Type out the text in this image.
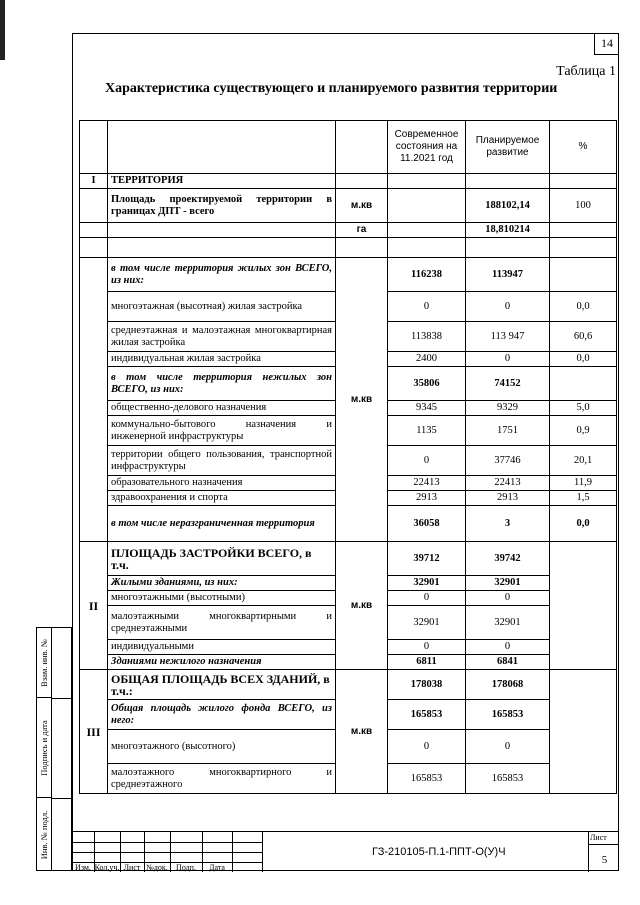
14
Таблица 1
Характеристика существующего и планируемого развития территории
			Современное состояния на 11.2021 год	Планируемое развитие	%
I	ТЕРРИТОРИЯ				
	Площадь проектируемой территории в границах ДПТ - всего	м.кв		188102,14	100
		га		18,810214	

	в том числе территория жилых зон ВСЕГО, из них:	м.кв	116238	113947	
	многоэтажная (высотная) жилая застройка		0	0	0,0
	среднеэтажная и малоэтажная многоквартирная жилая застройка		113838	113 947	60,6
	индивидуальная жилая застройка		2400	0	0,0
	в том числе территория нежилых зон ВСЕГО, из них:		35806	74152	
	общественно-делового назначения		9345	9329	5,0
	коммунально-бытового назначения и инженерной инфраструктуры		1135	1751	0,9
	территории общего пользования, транспортной инфраструктуры		0	37746	20,1
	образовательного назначения		22413	22413	11,9
	здравоохранения и спорта		2913	2913	1,5
	в том числе неразграниченная территория		36058	3	0,0
II	ПЛОЩАДЬ ЗАСТРОЙКИ ВСЕГО, в т.ч.	м.кв	39712	39742	
	Жилыми зданиями, из них:		32901	32901	
	многоэтажными (высотными)		0	0	
	малоэтажными многоквартирными и среднеэтажными		32901	32901	
	индивидуальными		0	0	
	Зданиями нежилого назначения		6811	6841	
III	ОБЩАЯ ПЛОЩАДЬ ВСЕХ ЗДАНИЙ, в т.ч.:	м.кв	178038	178068	
	Общая площадь жилого фонда ВСЕГО, из него:		165853	165853	
	многоэтажного (высотного)		0	0	
	малоэтажного многоквартирного и среднеэтажного		165853	165853	
Взам. инв. №
Подпись и дата
Инв. № подл.
Изм. Кол.уч. Лист №док.	Подп.	Дата
ГЗ-210105-П.1-ППТ-О(У)Ч
Лист
5
